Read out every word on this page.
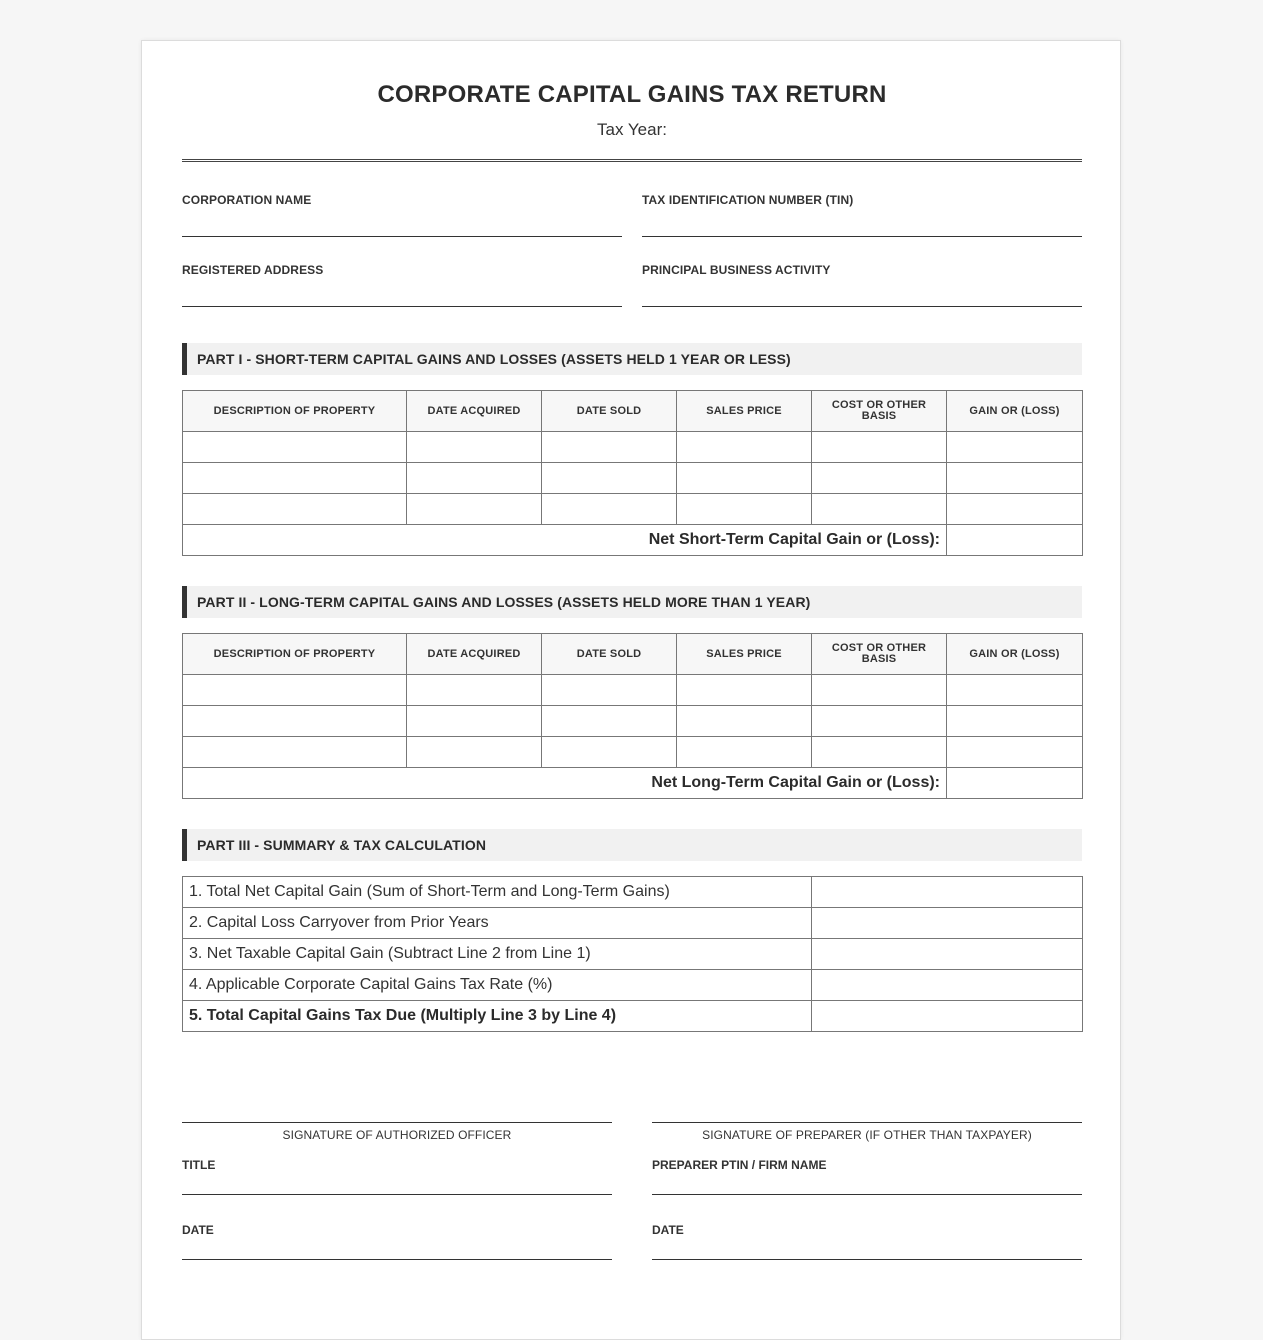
CORPORATE CAPITAL GAINS TAX RETURN
Tax Year:
CORPORATION NAME	TAX IDENTIFICATION NUMBER (TIN)
REGISTERED ADDRESS	PRINCIPAL BUSINESS ACTIVITY
PART I - SHORT-TERM CAPITAL GAINS AND LOSSES (ASSETS HELD 1 YEAR OR LESS)
DESCRIPTION OF PROPERTY	DATE ACQUIRED	DATE SOLD	SALES PRICE	COST OR OTHER BASIS	GAIN OR (LOSS)

Net Short-Term Capital Gain or (Loss):					
PART II - LONG-TERM CAPITAL GAINS AND LOSSES (ASSETS HELD MORE THAN 1 YEAR)
DESCRIPTION OF PROPERTY	DATE ACQUIRED	DATE SOLD	SALES PRICE	COST OR OTHER BASIS	GAIN OR (LOSS)

Net Long-Term Capital Gain or (Loss):					
PART III - SUMMARY & TAX CALCULATION
1. Total Net Capital Gain (Sum of Short-Term and Long-Term Gains)	
2. Capital Loss Carryover from Prior Years	
3. Net Taxable Capital Gain (Subtract Line 2 from Line 1)	
4. Applicable Corporate Capital Gains Tax Rate (%)	
5. Total Capital Gains Tax Due (Multiply Line 3 by Line 4)	
SIGNATURE OF AUTHORIZED OFFICER	SIGNATURE OF PREPARER (IF OTHER THAN TAXPAYER)
TITLE	PREPARER PTIN / FIRM NAME
DATE	DATE
